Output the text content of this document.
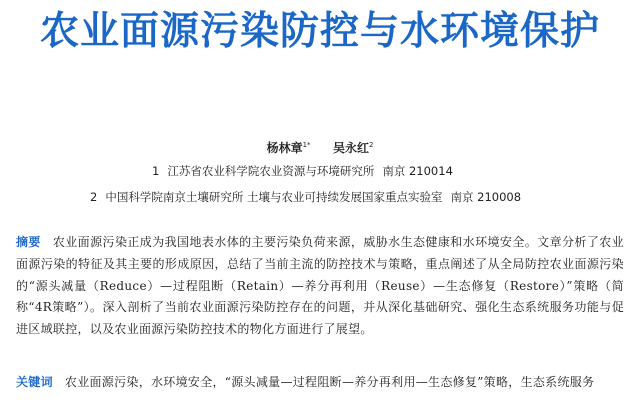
农业面源污染防控与水环境保护
杨林章$^{1*}$ 吴永红$^2$
1 江苏省农业科学院农业资源与环境研究所 南京 210014
2 中国科学院南京土壤研究所 土壤与农业可持续发展国家重点实验室 南京 210008
摘要 农业面源污染正成为我国地表水体的主要污染负荷来源，威胁水生态健康和水环境安全。文章分析了农业面源污染的特征及其主要的形成原因，总结了当前主流的防控技术与策略，重点阐述了从全局防控农业面源污染的“源头减量（Reduce）—过程阻断（Retain）—养分再利用（Reuse）—生态修复（Restore）”策略（简称“4R策略”）。深入剖析了当前农业面源污染防控存在的问题，并从深化基础研究、强化生态系统服务功能与促进区域联控，以及农业面源污染防控技术的物化方面进行了展望。
关键词 农业面源污染，水环境安全，“源头减量—过程阻断—养分再利用—生态修复”策略，生态系统服务
